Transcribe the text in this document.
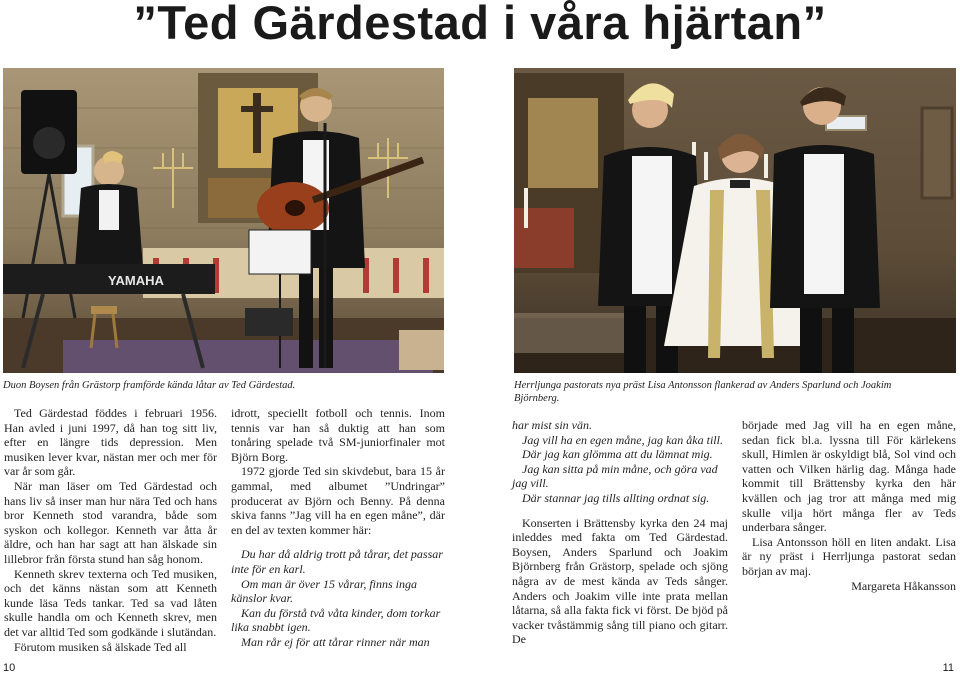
”Ted Gärdestad i våra hjärtan”
YAMAHA
Duon Boysen från Grästorp framförde kända låtar av Ted Gärdestad.	Herrljunga pastorats nya präst Lisa Antonsson flankerad av Anders Sparlund och Joakim Björnberg.

Ted Gärdestad föddes i februari 1956. Han avled i juni 1997, då han tog sitt liv, efter en längre tids depression. Men musiken lever kvar, nästan mer och mer för var år som går.

När man läser om Ted Gärdestad och hans liv så inser man hur nära Ted och hans bror Kenneth stod varandra, både som syskon och kollegor. Kenneth var åtta år äldre, och han har sagt att han älskade sin lillebror från första stund han såg honom.

Kenneth skrev texterna och Ted musiken, och det känns nästan som att Kenneth kunde läsa Teds tankar. Ted sa vad låten skulle handla om och Kenneth skrev, men det var alltid Ted som godkände i slutändan.

Förutom musiken så älskade Ted all

idrott, speciellt fotboll och tennis. Inom tennis var han så duktig att han som tonåring spelade två SM-juniorfinaler mot Björn Borg.

1972 gjorde Ted sin skivdebut, bara 15 år gammal, med albumet ”Undringar” producerat av Björn och Benny. På denna skiva fanns ”Jag vill ha en egen måne”, där en del av texten kommer här:

Du har då aldrig trott på tårar, det passar inte för en karl.

Om man är över 15 vårar, finns inga känslor kvar.

Kan du förstå två våta kinder, dom torkar lika snabbt igen.

Man rår ej för att tårar rinner när man

har mist sin vän.

Jag vill ha en egen måne, jag kan åka till.

Där jag kan glömma att du lämnat mig.

Jag kan sitta på min måne, och göra vad jag vill.

Där stannar jag tills allting ordnat sig.

Konserten i Brättensby kyrka den 24 maj inleddes med fakta om Ted Gärdestad. Boysen, Anders Sparlund och Joakim Björnberg från Grästorp, spelade och sjöng några av de mest kända av Teds sånger. Anders och Joakim ville inte prata mellan låtarna, så alla fakta fick vi först. De bjöd på vacker tvåstämmig sång till piano och gitarr. De

började med Jag vill ha en egen måne, sedan fick bl.a. lyssna till För kärlekens skull, Himlen är oskyldigt blå, Sol vind och vatten och Vilken härlig dag. Många hade kommit till Brättensby kyrka den här kvällen och jag tror att många med mig skulle vilja hört många fler av Teds underbara sånger.

Lisa Antonsson höll en liten andakt. Lisa är ny präst i Herrljunga pastorat sedan början av maj.

Margareta Håkansson

10	11
